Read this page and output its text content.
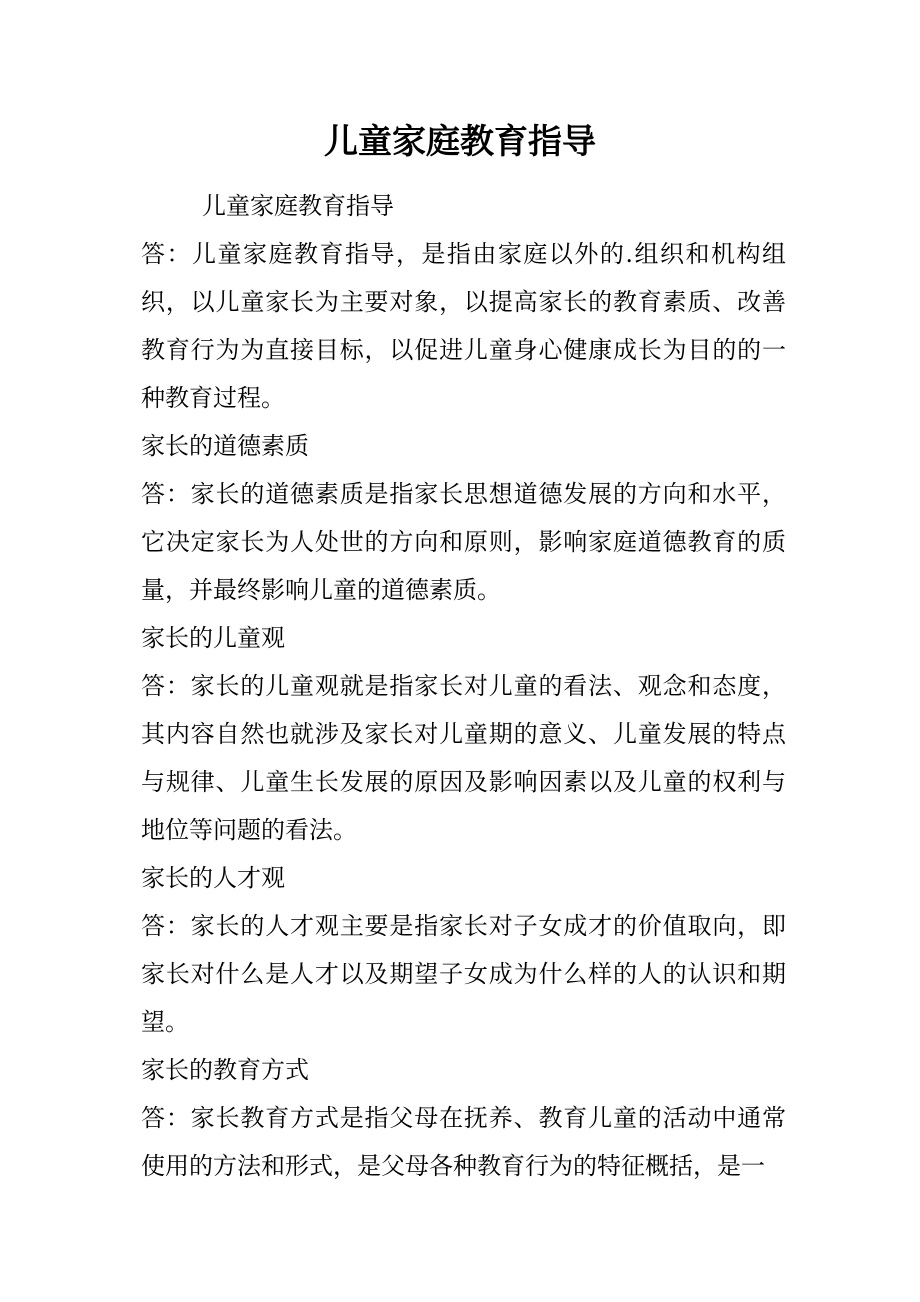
儿童家庭教育指导

儿童家庭教育指导

答：儿童家庭教育指导，是指由家庭以外的.组织和机构组织，以儿童家长为主要对象，以提高家长的教育素质、改善教育行为为直接目标，以促进儿童身心健康成长为目的的一种教育过程。

家长的道德素质

答：家长的道德素质是指家长思想道德发展的方向和水平，它决定家长为人处世的方向和原则，影响家庭道德教育的质量，并最终影响儿童的道德素质。

家长的儿童观

答：家长的儿童观就是指家长对儿童的看法、观念和态度，其内容自然也就涉及家长对儿童期的意义、儿童发展的特点与规律、儿童生长发展的原因及影响因素以及儿童的权利与地位等问题的看法。

家长的人才观

答：家长的人才观主要是指家长对子女成才的价值取向，即家长对什么是人才以及期望子女成为什么样的人的认识和期望。

家长的教育方式

答：家长教育方式是指父母在抚养、教育儿童的活动中通常使用的方法和形式，是父母各种教育行为的特征概括，是一
